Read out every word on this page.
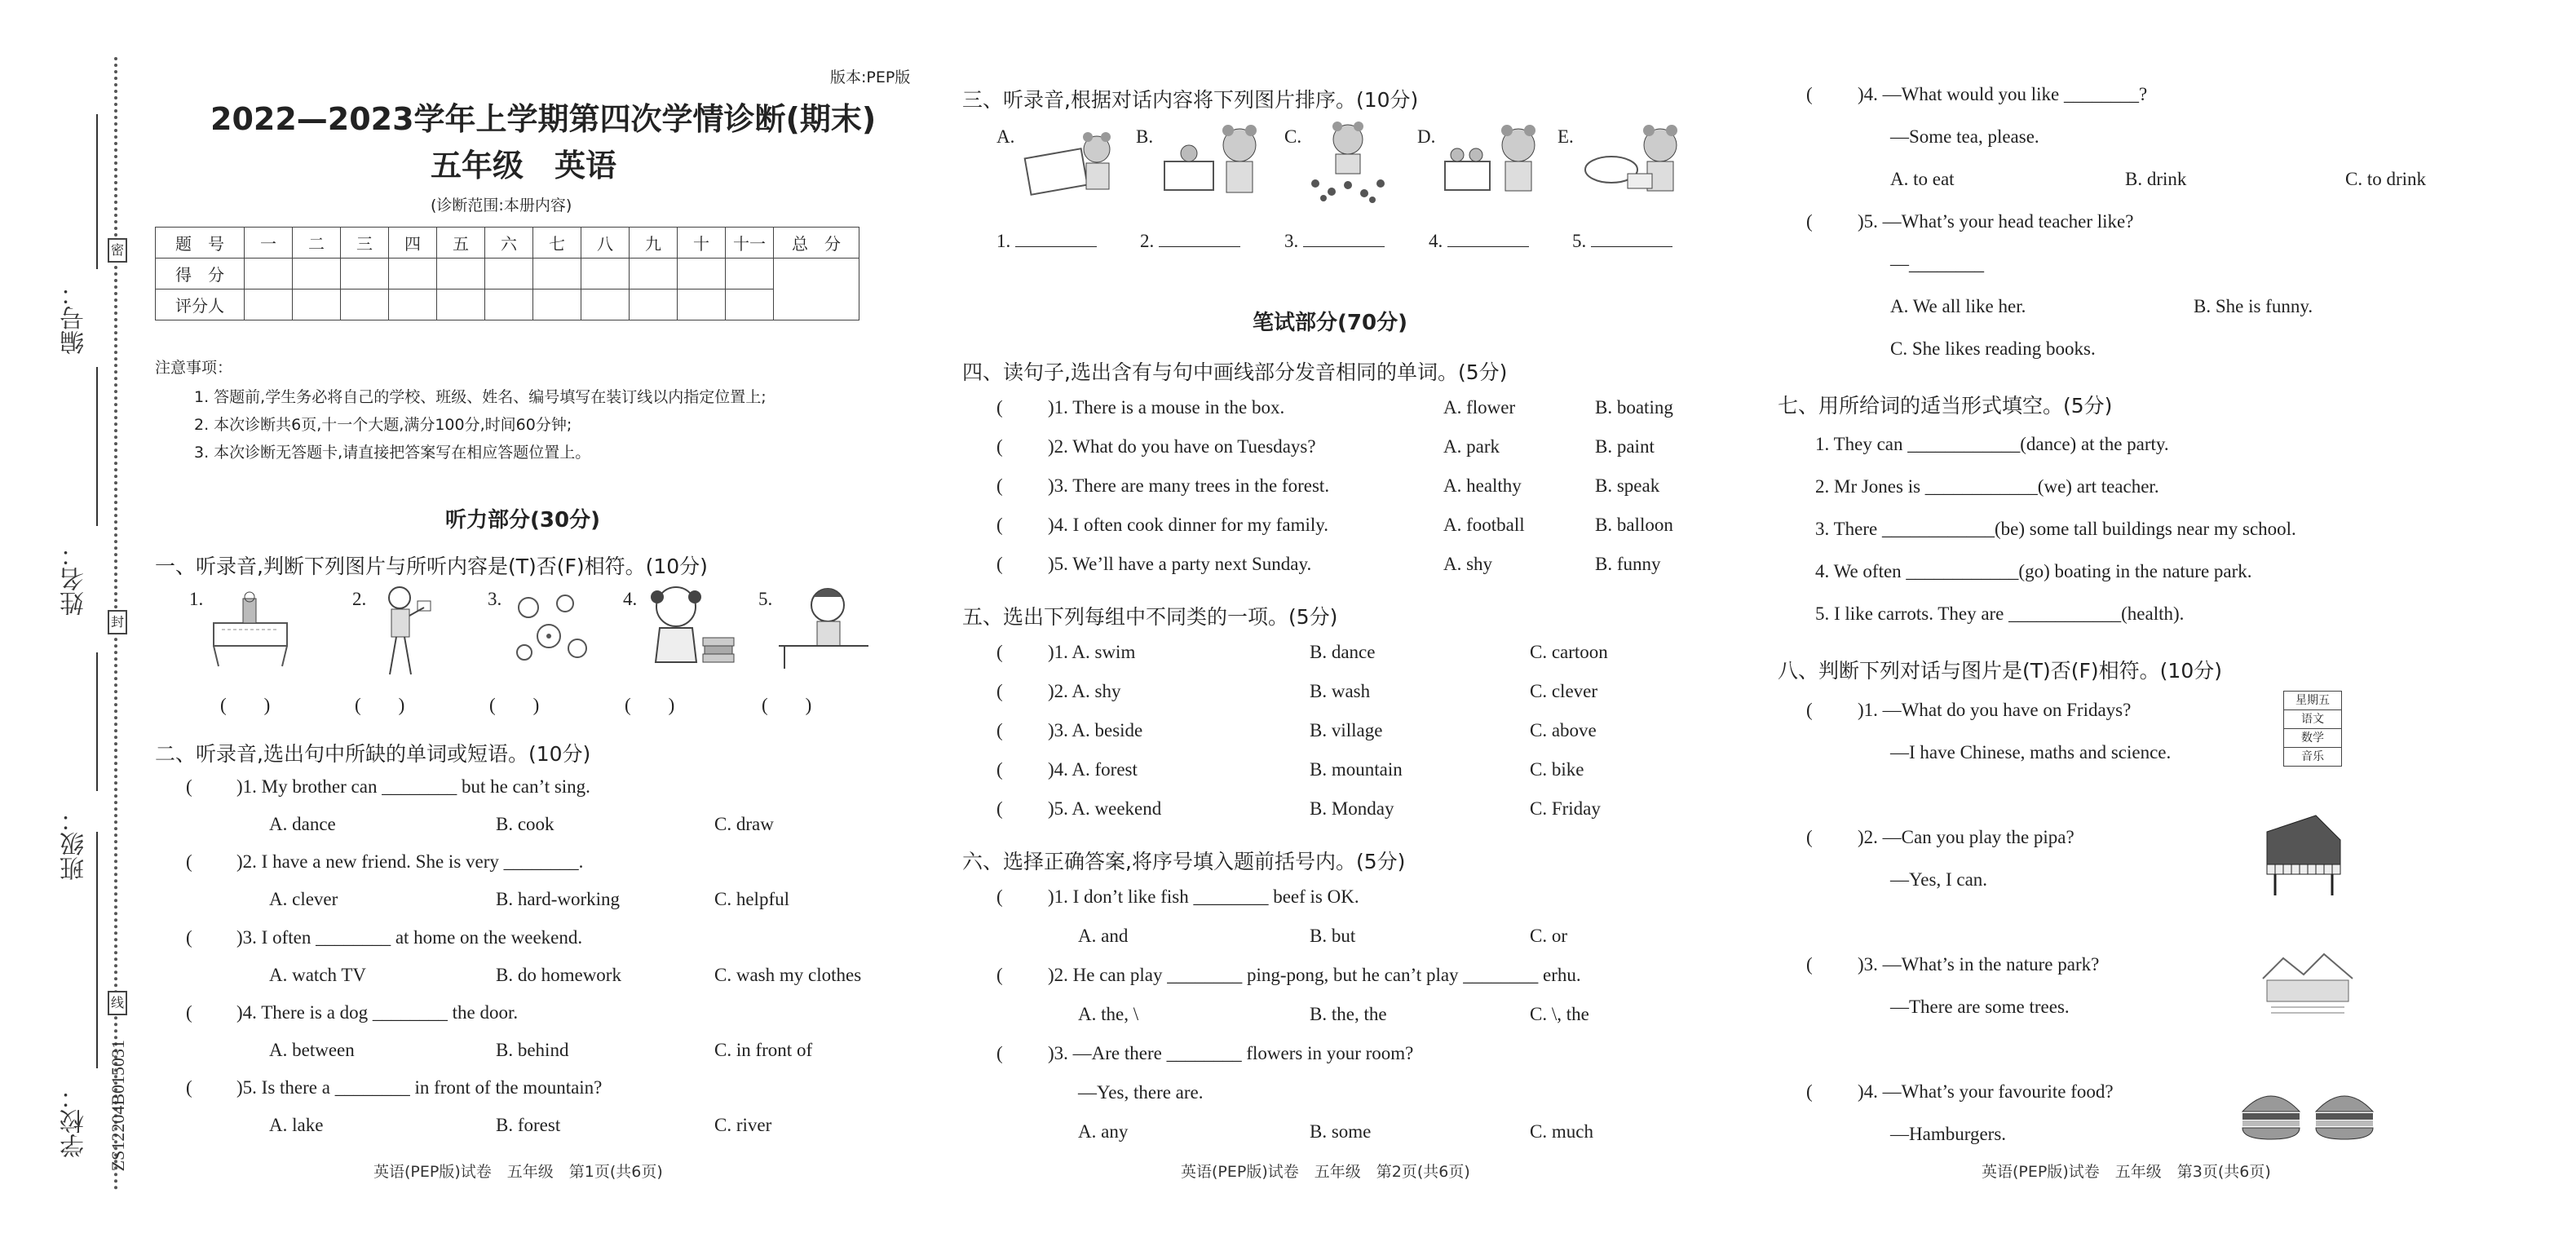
学校：
班级：
姓名：
编号：
密
封
线
ZS12204B015031
版本:PEP版
2022—2023学年上学期第四次学情诊断(期末)
五年级　英语
(诊断范围:本册内容)
题　号	一	二	三	四	五	六	七	八	九	十	十一	总　分
得　分												
评分人												
注意事项：
1. 答题前,学生务必将自己的学校、班级、姓名、编号填写在装订线以内指定位置上;
2. 本次诊断共6页,十一个大题,满分100分,时间60分钟;
3. 本次诊断无答题卡,请直接把答案写在相应答题位置上。
听力部分(30分)
一、听录音,判断下列图片与所听内容是(T)否(F)相符。(10分)
1.	2.	3.	4.	5.
(　　)	(　　)	(　　)	(　　)	(　　)
二、听录音,选出句中所缺的单词或短语。(10分)
( )1. My brother can ________ but he can’t sing.
A. dance	B. cook	C. draw
( )2. I have a new friend. She is very ________.
A. clever	B. hard-working	C. helpful
( )3. I often ________ at home on the weekend.
A. watch TV	B. do homework	C. wash my clothes
( )4. There is a dog ________ the door.
A. between	B. behind	C. in front of
( )5. Is there a ________ in front of the mountain?
A. lake	B. forest	C. river
英语(PEP版)试卷　五年级　第1页(共6页)
三、听录音,根据对话内容将下列图片排序。(10分)
A.	B.	C.	D.	E.
1.	2.	3.	4.	5.
笔试部分(70分)
四、读句子,选出含有与句中画线部分发音相同的单词。(5分)
( )1. There is a mouse in the box.	A. flower	B. boating
( )2. What do you have on Tuesdays?	A. park	B. paint
( )3. There are many trees in the forest.	A. healthy	B. speak
( )4. I often cook dinner for my family.	A. football	B. balloon
( )5. We’ll have a party next Sunday.	A. shy	B. funny
五、选出下列每组中不同类的一项。(5分)
( )1. A. swim	B. dance	C. cartoon
( )2. A. shy	B. wash	C. clever
( )3. A. beside	B. village	C. above
( )4. A. forest	B. mountain	C. bike
( )5. A. weekend	B. Monday	C. Friday
六、选择正确答案,将序号填入题前括号内。(5分)
( )1. I don’t like fish ________ beef is OK.
A. and	B. but	C. or
( )2. He can play ________ ping-pong, but he can’t play ________ erhu.
A. the, \	B. the, the	C. \, the
( )3. —Are there ________ flowers in your room?
—Yes, there are.
A. any	B. some	C. much
英语(PEP版)试卷　五年级　第2页(共6页)
( )4. —What would you like ________?
—Some tea, please.
A. to eat	B. drink	C. to drink
( )5. —What’s your head teacher like?
—________
A. We all like her.	B. She is funny.
C. She likes reading books.
七、用所给词的适当形式填空。(5分)
1. They can ____________(dance) at the party.
2. Mr Jones is ____________(we) art teacher.
3. There ____________(be) some tall buildings near my school.
4. We often ____________(go) boating in the nature park.
5. I like carrots. They are ____________(health).
八、判断下列对话与图片是(T)否(F)相符。(10分)
( )1. —What do you have on Fridays?
—I have Chinese, maths and science.
星期五
语文
数学
音乐
( )2. —Can you play the pipa?
—Yes, I can.
( )3. —What’s in the nature park?
—There are some trees.
( )4. —What’s your favourite food?
—Hamburgers.
英语(PEP版)试卷　五年级　第3页(共6页)
